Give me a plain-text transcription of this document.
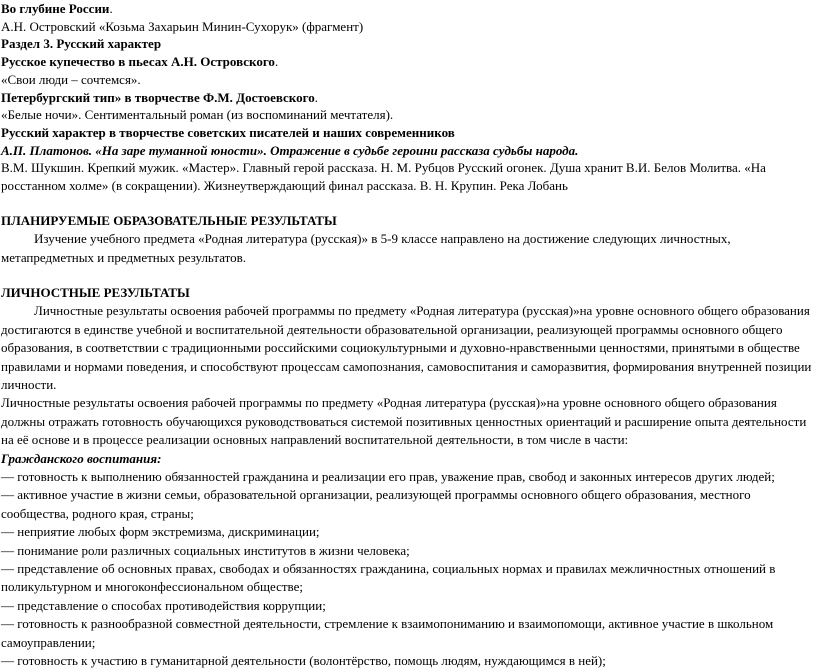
Во глубине России.
А.Н. Островский «Козьма Захарьин Минин-Сухорук» (фрагмент)
Раздел 3. Русский характер
Русское купечество в пьесах А.Н. Островского.
«Свои люди – сочтемся».
Петербургский тип» в творчестве Ф.М. Достоевского.
«Белые ночи». Сентиментальный роман (из воспоминаний мечтателя).
Русский характер в творчестве советских писателей и наших современников
А.П. Платонов. «На заре туманной юности». Отражение в судьбе героини рассказа судьбы народа.

В.М. Шукшин. Крепкий мужик. «Мастер». Главный герой рассказа. Н. М. Рубцов Русский огонек. Душа хранит В.И. Белов Молитва. «На росстанном холме» (в сокращении). Жизнеутверждающий финал рассказа. В. Н. Крупин. Река Лобань

ПЛАНИРУЕМЫЕ ОБРАЗОВАТЕЛЬНЫЕ РЕЗУЛЬТАТЫ

Изучение учебного предмета «Родная литература (русская)» в 5-9 классе направлено на достижение следующих личностных, метапредметных и предметных результатов.

ЛИЧНОСТНЫЕ РЕЗУЛЬТАТЫ

Личностные результаты освоения рабочей программы по предмету «Родная литература (русская)»на уровне основного общего образования достигаются в единстве учебной и воспитательной деятельности образовательной организации, реализующей программы основного общего образования, в соответствии с традиционными российскими социокультурными и духовно-нравственными ценностями, принятыми в обществе правилами и нормами поведения, и способствуют процессам самопознания, самовоспитания и саморазвития, формирования внутренней позиции личности.

Личностные результаты освоения рабочей программы по предмету «Родная литература (русская)»на уровне основного общего образования должны отражать готовность обучающихся руководствоваться системой позитивных ценностных ориентаций и расширение опыта деятельности на её основе и в процессе реализации основных направлений воспитательной деятельности, в том числе в части:

Гражданского воспитания:
— готовность к выполнению обязанностей гражданина и реализации его прав, уважение прав, свобод и законных интересов других людей;
— активное участие в жизни семьи, образовательной организации, реализующей программы основного общего образования, местного сообщества, родного края, страны;
— неприятие любых форм экстремизма, дискриминации;
— понимание роли различных социальных институтов в жизни человека;
— представление об основных правах, свободах и обязанностях гражданина, социальных нормах и правилах межличностных отношений в поликультурном и многоконфессиональном обществе;
— представление о способах противодействия коррупции;
— готовность к разнообразной совместной деятельности, стремление к взаимопониманию и взаимопомощи, активное участие в школьном самоуправлении;
— готовность к участию в гуманитарной деятельности (волонтёрство, помощь людям, нуждающимся в ней);
